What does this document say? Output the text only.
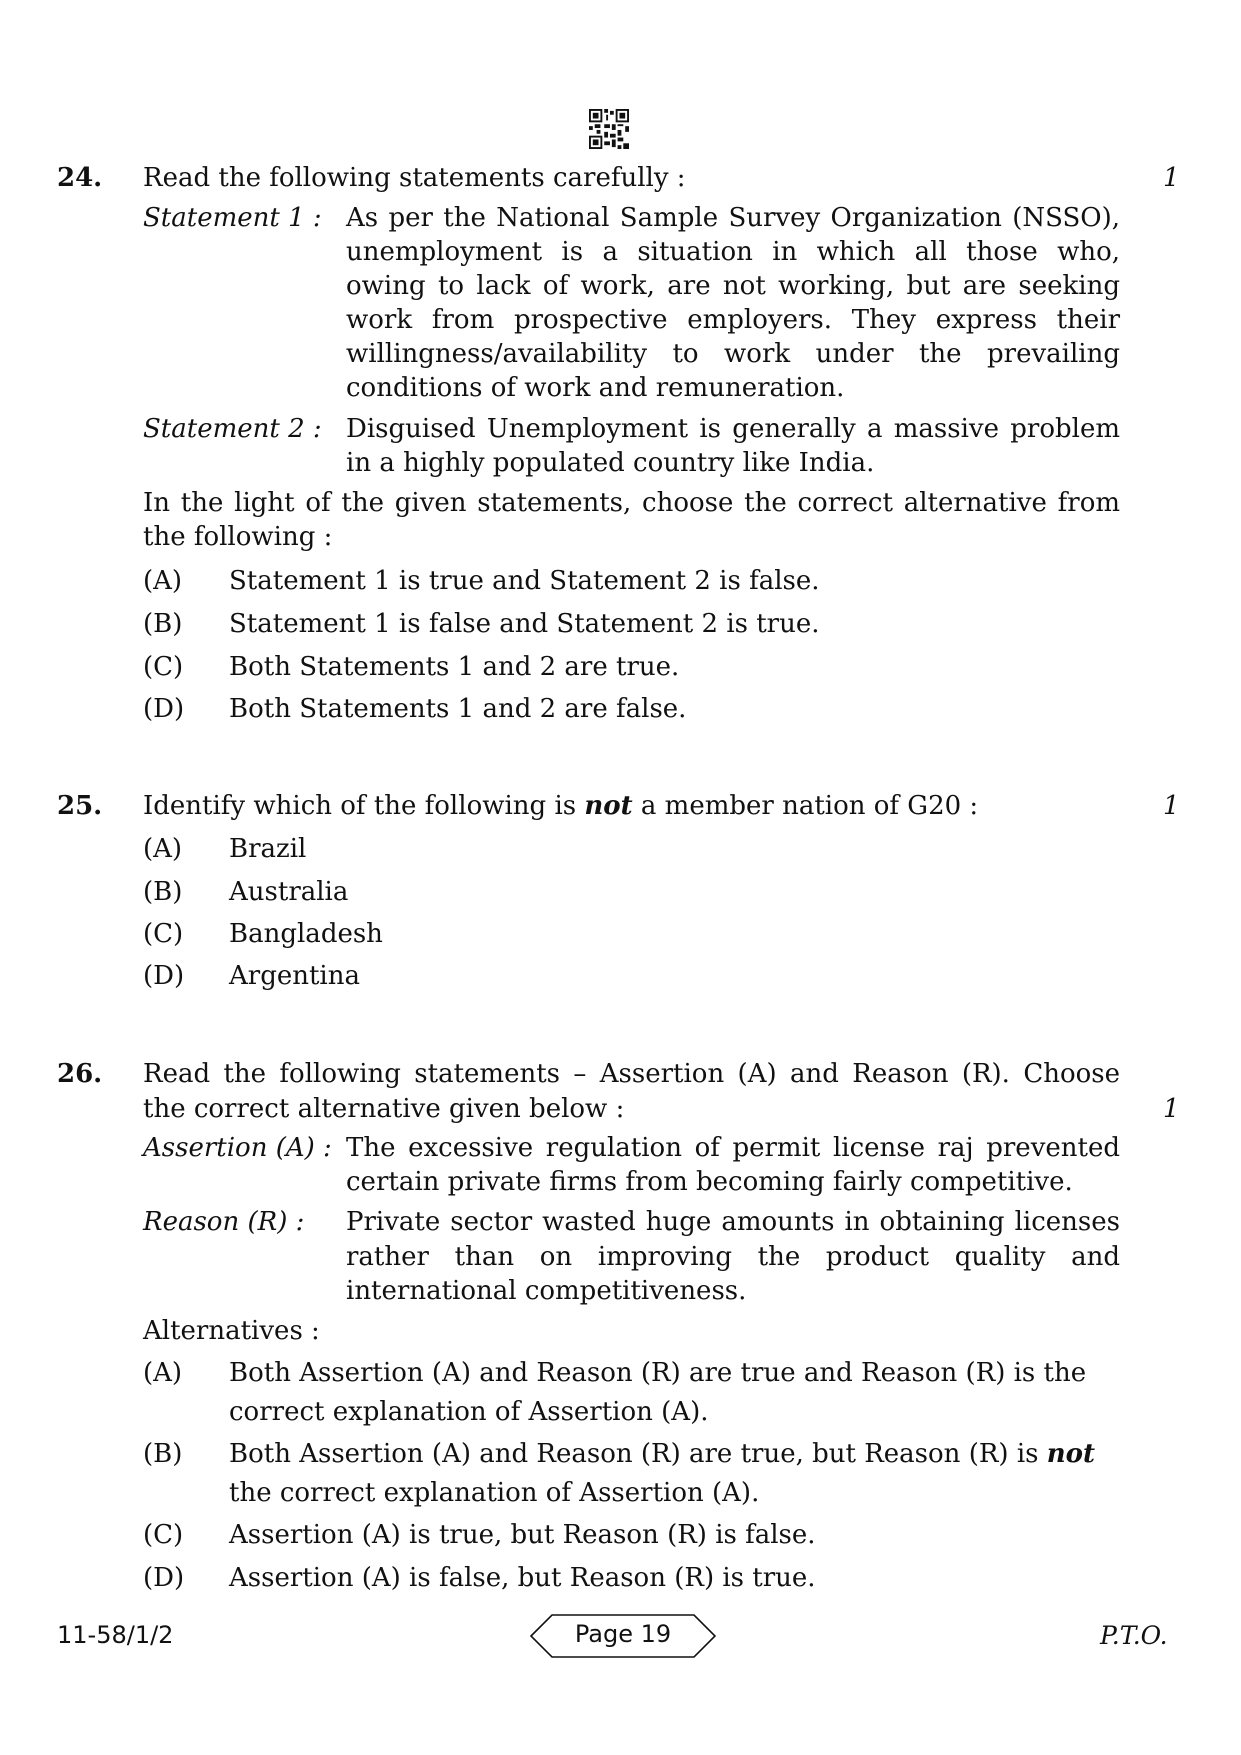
24. Read the following statements carefully :	1
Statement 1 : As per the National Sample Survey Organization (NSSO),
unemployment is a situation in which all those who,
owing to lack of work, are not working, but are seeking
work from prospective employers. They express their
willingness/availability to work under the prevailing
conditions of work and remuneration.
Statement 2 : Disguised Unemployment is generally a massive problem
in a highly populated country like India.
In the light of the given statements, choose the correct alternative from
the following :
(A) Statement 1 is true and Statement 2 is false.
(B) Statement 1 is false and Statement 2 is true.
(C) Both Statements 1 and 2 are true.
(D) Both Statements 1 and 2 are false.
25. Identify which of the following is not a member nation of G20 :	1
(A) Brazil
(B) Australia
(C) Bangladesh
(D) Argentina
26. Read the following statements – Assertion (A) and Reason (R). Choose
the correct alternative given below :	1
Assertion (A) : The excessive regulation of permit license raj prevented
certain private firms from becoming fairly competitive.
Reason (R) : Private sector wasted huge amounts in obtaining licenses
rather than on improving the product quality and
international competitiveness.
Alternatives :
(A) Both Assertion (A) and Reason (R) are true and Reason (R) is the
correct explanation of Assertion (A).
(B) Both Assertion (A) and Reason (R) are true, but Reason (R) is not
the correct explanation of Assertion (A).
(C) Assertion (A) is true, but Reason (R) is false.
(D) Assertion (A) is false, but Reason (R) is true.
11-58/1/2	Page 19	P.T.O.
